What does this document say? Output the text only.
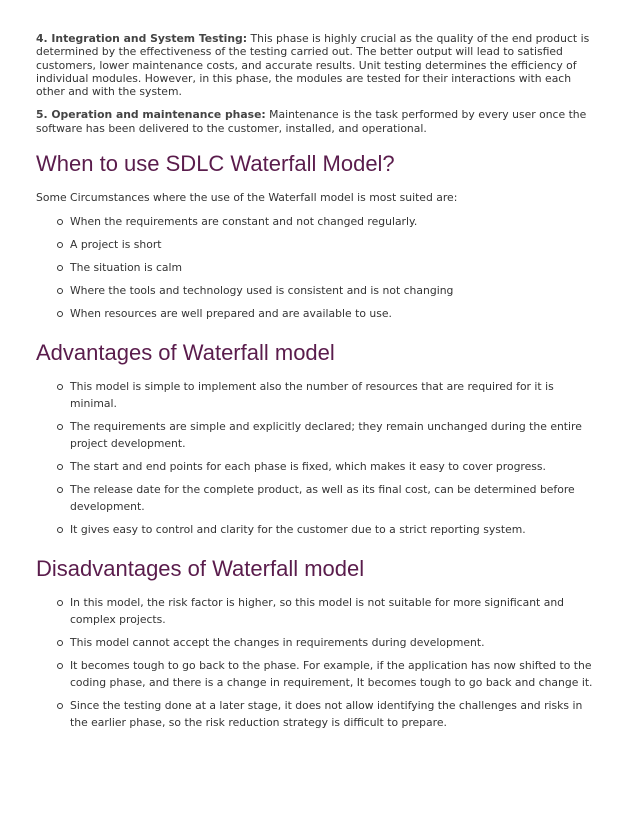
4. Integration and System Testing: This phase is highly crucial as the quality of the end product is determined by the effectiveness of the testing carried out. The better output will lead to satisfied customers, lower maintenance costs, and accurate results. Unit testing determines the efficiency of individual modules. However, in this phase, the modules are tested for their interactions with each other and with the system.

5. Operation and maintenance phase: Maintenance is the task performed by every user once the software has been delivered to the customer, installed, and operational.

When to use SDLC Waterfall Model?

Some Circumstances where the use of the Waterfall model is most suited are:

When the requirements are constant and not changed regularly.
A project is short
The situation is calm
Where the tools and technology used is consistent and is not changing
When resources are well prepared and are available to use.
Advantages of Waterfall model
This model is simple to implement also the number of resources that are required for it is minimal.
The requirements are simple and explicitly declared; they remain unchanged during the entire project development.
The start and end points for each phase is fixed, which makes it easy to cover progress.
The release date for the complete product, as well as its final cost, can be determined before development.
It gives easy to control and clarity for the customer due to a strict reporting system.
Disadvantages of Waterfall model
In this model, the risk factor is higher, so this model is not suitable for more significant and complex projects.
This model cannot accept the changes in requirements during development.
It becomes tough to go back to the phase. For example, if the application has now shifted to the coding phase, and there is a change in requirement, It becomes tough to go back and change it.
Since the testing done at a later stage, it does not allow identifying the challenges and risks in the earlier phase, so the risk reduction strategy is difficult to prepare.
